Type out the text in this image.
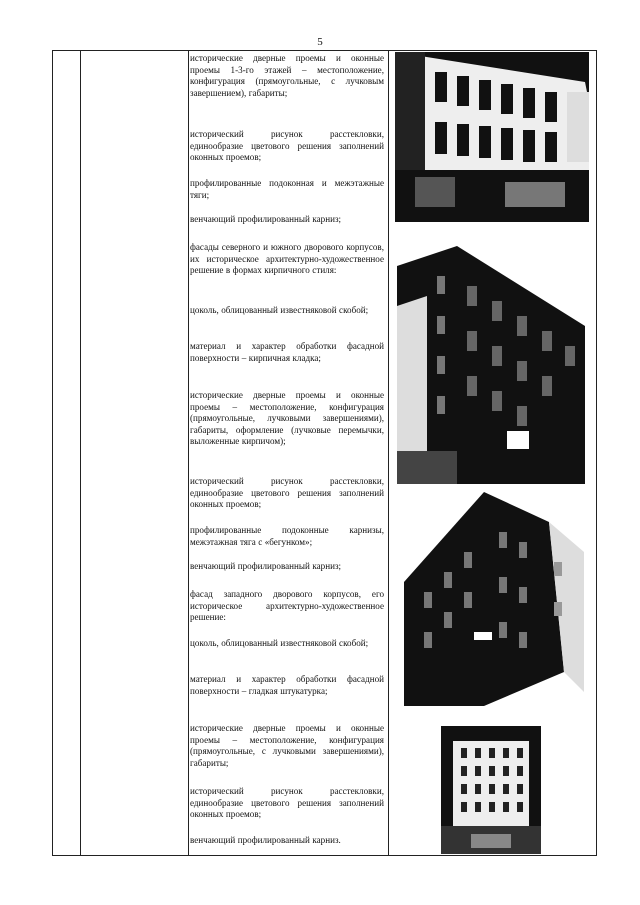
5

исторические дверные проемы и оконные проемы 1-3-го этажей – местоположение, конфигурация (прямоугольные, с лучковым завершением), габариты;

исторический рисунок расстекловки, единообразие цветового решения заполнений оконных проемов;

профилированные подоконная и межэтажные тяги;

венчающий профилированный карниз;

фасады северного и южного дворового корпусов, их историческое архитектурно-художественное решение в формах кирпичного стиля:

цоколь, облицованный известняковой скобой;

материал и характер обработки фасадной поверхности – кирпичная кладка;

исторические дверные проемы и оконные проемы – местоположение, конфигурация (прямоугольные, лучковыми завершениями), габариты, оформление (лучковые перемычки, выложенные кирпичом);

исторический рисунок расстекловки, единообразие цветового решения заполнений оконных проемов;

профилированные подоконные карнизы, межэтажная тяга с «бегунком»;

венчающий профилированный карниз;

фасад западного дворового корпусов, его историческое архитектурно-художественное решение:

цоколь, облицованный известняковой скобой;

материал и характер обработки фасадной поверхности – гладкая штукатурка;

исторические дверные проемы и оконные проемы – местоположение, конфигурация (прямоугольные, с лучковыми завершениями), габариты;

исторический рисунок расстекловки, единообразие цветового решения заполнений оконных проемов;

венчающий профилированный карниз.
